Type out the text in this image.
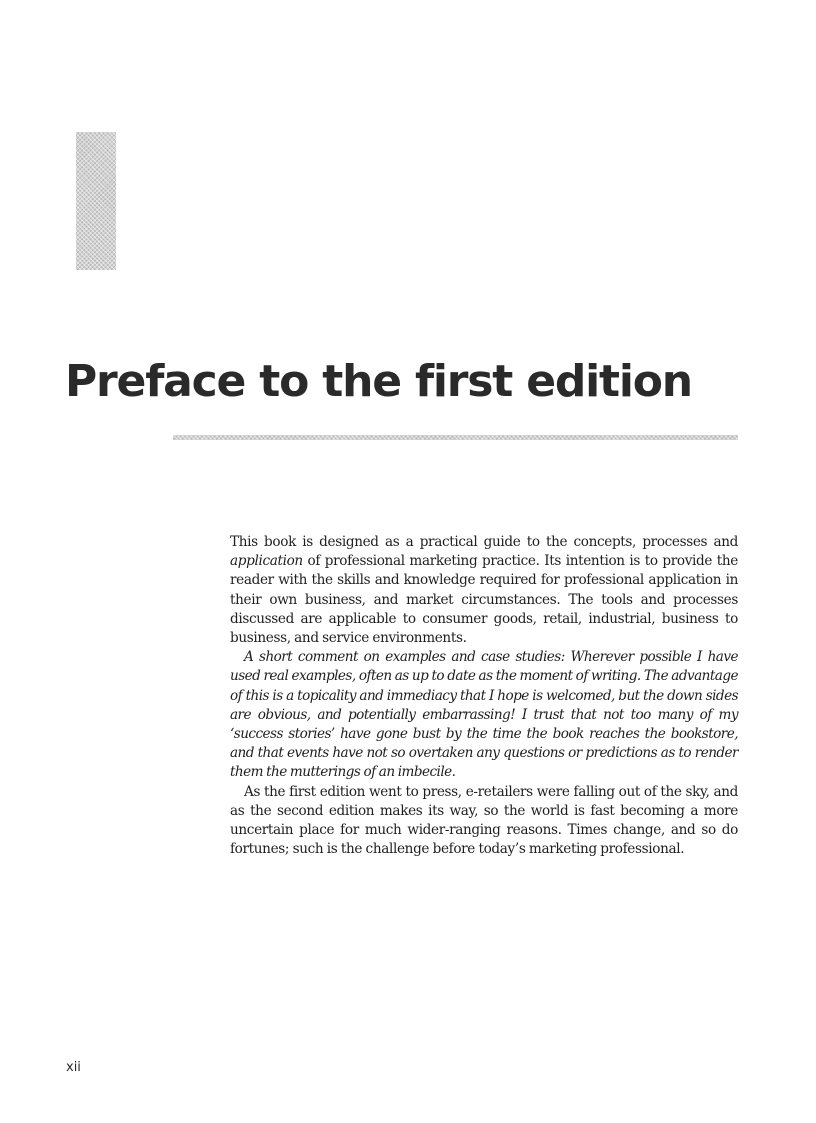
Preface to the first edition

This book is designed as a practical guide to the concepts, processes and application of professional marketing practice. Its intention is to provide the reader with the skills and knowledge required for professional application in their own business, and market circumstances. The tools and processes discussed are applicable to consumer goods, retail, industrial, business to business, and service environments.

A short comment on examples and case studies: Wherever possible I have used real examples, often as up to date as the moment of writing. The advantage of this is a topicality and immediacy that I hope is welcomed, but the down sides are obvious, and potentially embarrassing! I trust that not too many of my ‘success stories’ have gone bust by the time the book reaches the bookstore, and that events have not so overtaken any questions or predictions as to render them the mutterings of an imbecile.

As the first edition went to press, e-retailers were falling out of the sky, and as the second edition makes its way, so the world is fast becoming a more uncertain place for much wider-ranging reasons. Times change, and so do fortunes; such is the challenge before today’s marketing professional.

xii
